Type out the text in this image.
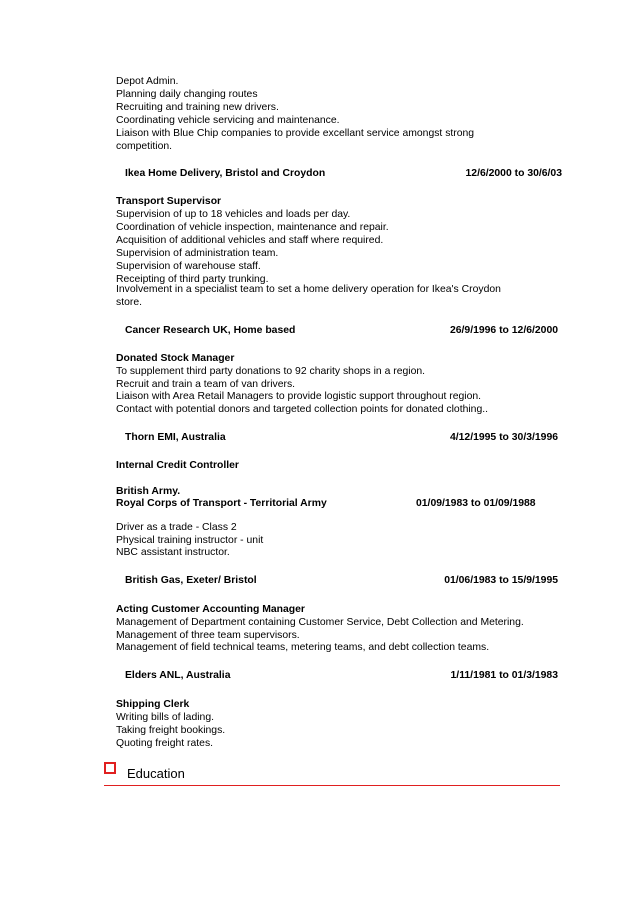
Depot Admin.
Planning daily changing routes
Recruiting and training new drivers.
Coordinating vehicle servicing and maintenance.
Liaison with Blue Chip companies to provide excellant service amongst strong
competition.
Ikea Home Delivery, Bristol and Croydon	12/6/2000 to 30/6/03
Transport Supervisor
Supervision of up to 18 vehicles and loads per day.
Coordination of vehicle inspection, maintenance and repair.
Acquisition of additional vehicles and staff where required.
Supervision of administration team.
Supervision of warehouse staff.
Receipting of third party trunking.
Involvement in a specialist team to set a home delivery operation for Ikea's Croydon
store.
Cancer Research UK, Home based	26/9/1996 to 12/6/2000
Donated Stock Manager
To supplement third party donations to 92 charity shops in a region.
Recruit and train a team of van drivers.
Liaison with Area Retail Managers to provide logistic support throughout region.
Contact with potential donors and targeted collection points for donated clothing..
Thorn EMI, Australia	4/12/1995 to 30/3/1996
Internal Credit Controller
British Army.
Royal Corps of Transport - Territorial Army	01/09/1983 to 01/09/1988
Driver as a trade - Class 2
Physical training instructor - unit
NBC assistant instructor.
British Gas, Exeter/ Bristol	01/06/1983 to 15/9/1995
Acting Customer Accounting Manager
Management of Department containing Customer Service, Debt Collection and Metering.
Management of three team supervisors.
Management of field technical teams, metering teams, and debt collection teams.
Elders ANL, Australia	1/11/1981 to 01/3/1983
Shipping Clerk
Writing bills of lading.
Taking freight bookings.
Quoting freight rates.
Education
